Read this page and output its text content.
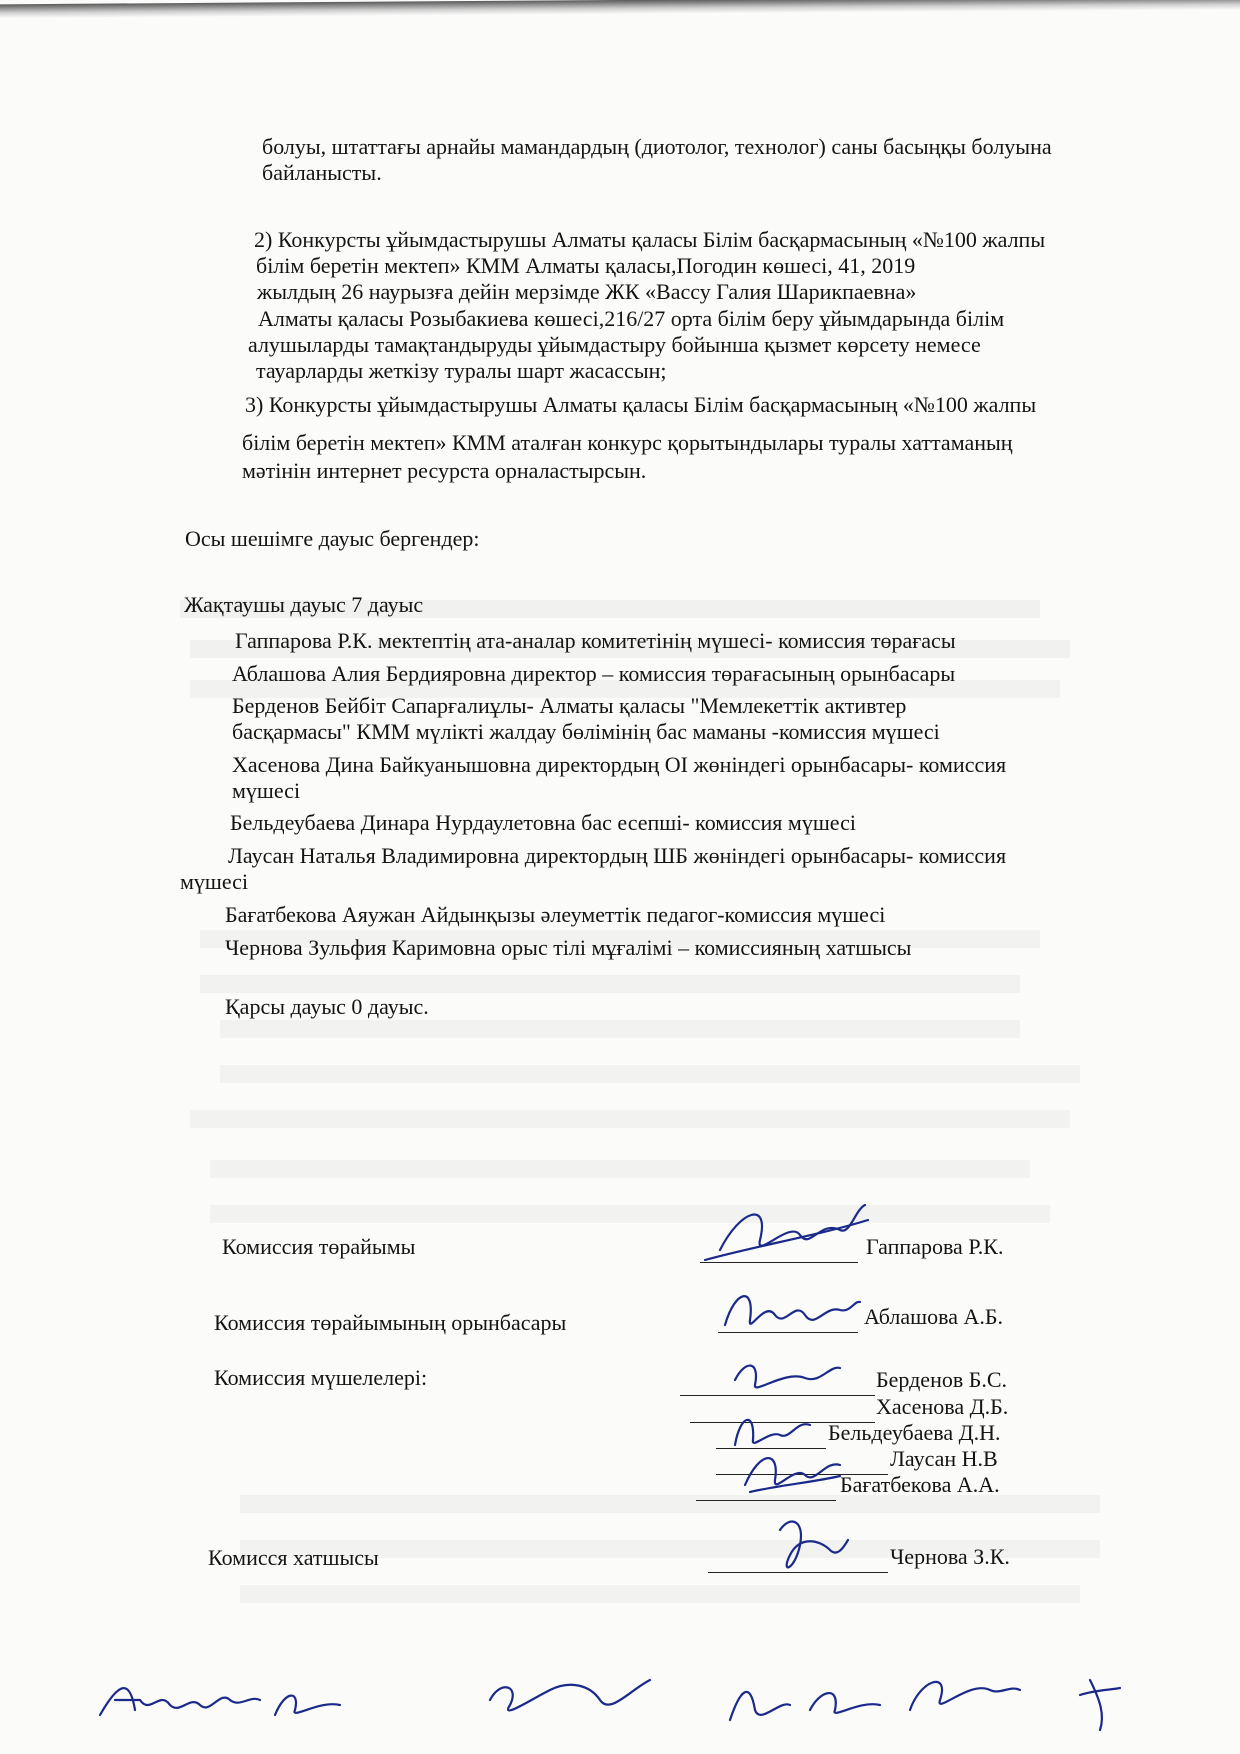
болуы, штаттағы арнайы мамандардың (диотолог, технолог) саны басыңқы болуына
байланысты.
2) Конкурсты ұйымдастырушы Алматы қаласы Білім басқармасының «№100 жалпы
білім беретін мектеп» КММ Алматы қаласы,Погодин көшесі, 41, 2019
жылдың 26 наурызға дейін мерзімде ЖК «Вассу Галия Шарикпаевна»
Алматы қаласы Розыбакиева көшесі,216/27 орта білім беру ұйымдарында білім
алушыларды тамақтандыруды ұйымдастыру бойынша қызмет көрсету немесе
тауарларды жеткізу туралы шарт жасассын;
3) Конкурсты ұйымдастырушы Алматы қаласы Білім басқармасының «№100 жалпы
білім беретін мектеп» КММ аталған конкурс қорытындылары туралы хаттаманың
мәтінін интернет ресурста орналастырсын.
Осы шешімге дауыс бергендер:
Жақтаушы дауыс 7 дауыс
Гаппарова Р.К. мектептің ата-аналар комитетінің мүшесі- комиссия төрағасы
Аблашова Алия Бердияровна директор – комиссия төрағасының орынбасары
Берденов Бейбіт Сапарғалиұлы- Алматы қаласы "Мемлекеттік активтер
басқармасы" КММ мүлікті жалдау бөлімінің бас маманы -комиссия мүшесі
Хасенова Дина Байкуанышовна директордың ОІ жөніндегі орынбасары- комиссия
мүшесі
Бельдеубаева Динара Нурдаулетовна бас есепші- комиссия мүшесі
Лаусан Наталья Владимировна директордың ШБ жөніндегі орынбасары- комиссия
мүшесі
Бағатбекова Аяужан Айдынқызы әлеуметтік педагог-комиссия мүшесі
Чернова Зульфия Каримовна орыс тілі мұғалімі – комиссияның хатшысы
Қарсы дауыс 0 дауыс.
Комиссия төрайымы
Комиссия төрайымының орынбасары
Комиссия мүшелелері:
Комисся хатшысы
Гаппарова Р.К.
Аблашова А.Б.
Берденов Б.С.
Хасенова Д.Б.
Бельдеубаева Д.Н.
Лаусан Н.В
Бағатбекова А.А.
Чернова З.К.
